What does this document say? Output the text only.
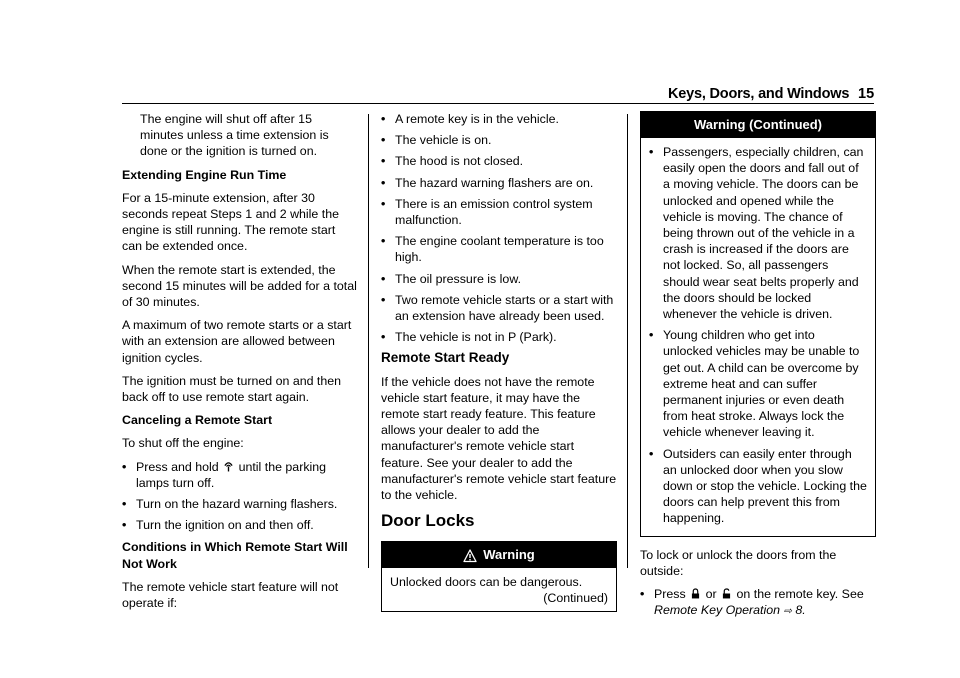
Keys, Doors, and Windows 15

The engine will shut off after 15 minutes unless a time extension is done or the ignition is turned on.

Extending Engine Run Time

For a 15-minute extension, after 30 seconds repeat Steps 1 and 2 while the engine is still running. The remote start can be extended once.

When the remote start is extended, the second 15 minutes will be added for a total of 30 minutes.

A maximum of two remote starts or a start with an extension are allowed between ignition cycles.

The ignition must be turned on and then back off to use remote start again.

Canceling a Remote Start

To shut off the engine:

• Press and hold until the parking lamps turn off.
• Turn on the hazard warning flashers.
• Turn the ignition on and then off.

Conditions in Which Remote Start Will Not Work

The remote vehicle start feature will not operate if:

• A remote key is in the vehicle.
• The vehicle is on.
• The hood is not closed.
• The hazard warning flashers are on.
• There is an emission control system malfunction.
• The engine coolant temperature is too high.
• The oil pressure is low.
• Two remote vehicle starts or a start with an extension have already been used.
• The vehicle is not in P (Park).
Remote Start Ready

If the vehicle does not have the remote vehicle start feature, it may have the remote start ready feature. This feature allows your dealer to add the manufacturer's remote vehicle start feature. See your dealer to add the manufacturer's remote vehicle start feature to the vehicle.

Door Locks
Warning
Unlocked doors can be dangerous.
(Continued)
Warning (Continued)
• Passengers, especially children, can easily open the doors and fall out of a moving vehicle. The doors can be unlocked and opened while the vehicle is moving. The chance of being thrown out of the vehicle in a crash is increased if the doors are not locked. So, all passengers should wear seat belts properly and the doors should be locked whenever the vehicle is driven.
• Young children who get into unlocked vehicles may be unable to get out. A child can be overcome by extreme heat and can suffer permanent injuries or even death from heat stroke. Always lock the vehicle whenever leaving it.
• Outsiders can easily enter through an unlocked door when you slow down or stop the vehicle. Locking the doors can help prevent this from happening.

To lock or unlock the doors from the outside:

• Press or on the remote key. See Remote Key Operation ⇨ 8.
